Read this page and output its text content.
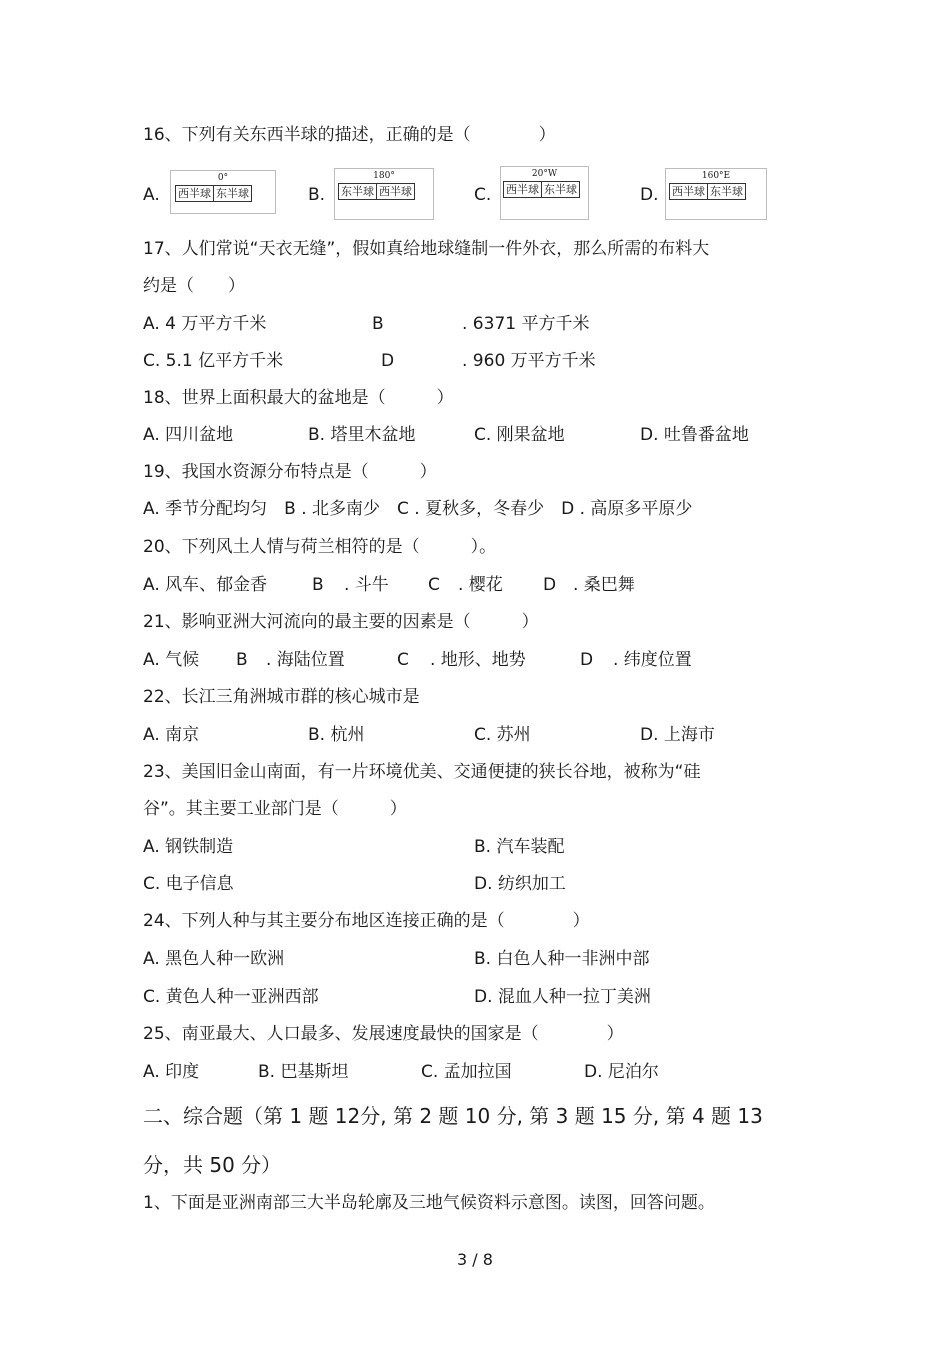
16、下列有关东西半球的描述，正确的是（　　　　）
A.
0°
西半球 东半球	B.
180°
东半球 西半球	C.
20°W
西半球 东半球	D.
160°E
西半球 东半球
17、人们常说“天衣无缝”，假如真给地球缝制一件外衣，那么所需的布料大
约是（　　）
A. 4 万平方千米	B	. 6371 平方千米
C. 5.1 亿平方千米	D	. 960 万平方千米
18、世界上面积最大的盆地是（　　　）
A. 四川盆地	B. 塔里木盆地	C. 刚果盆地	D. 吐鲁番盆地
19、我国水资源分布特点是（　　　）
A. 季节分配均匀　B . 北多南少　C . 夏秋多，冬春少　D . 高原多平原少
20、下列风土人情与荷兰相符的是（　　　）。
A. 风车、郁金香	B . 斗牛 C . 樱花 D . 桑巴舞
21、影响亚洲大河流向的最主要的因素是（　　　）
A. 气候 B . 海陆位置	C . 地形、地势	D . 纬度位置
22、长江三角洲城市群的核心城市是
A. 南京	B. 杭州	C. 苏州	D. 上海市
23、美国旧金山南面，有一片环境优美、交通便捷的狭长谷地，被称为“硅
谷”。其主要工业部门是（　　　）
A. 钢铁制造	B. 汽车装配
C. 电子信息	D. 纺织加工
24、下列人种与其主要分布地区连接正确的是（　　　　）
A. 黑色人种一欧洲	B. 白色人种一非洲中部
C. 黄色人种一亚洲西部	D. 混血人种一拉丁美洲
25、南亚最大、人口最多、发展速度最快的国家是（　　　　）
A. 印度	B. 巴基斯坦	C. 孟加拉国	D. 尼泊尔
二、综合题（第 1 题 12分, 第 2 题 10 分, 第 3 题 15 分, 第 4 题 13
分，共 50 分）
1、下面是亚洲南部三大半岛轮廓及三地气候资料示意图。读图，回答问题。
3 / 8
